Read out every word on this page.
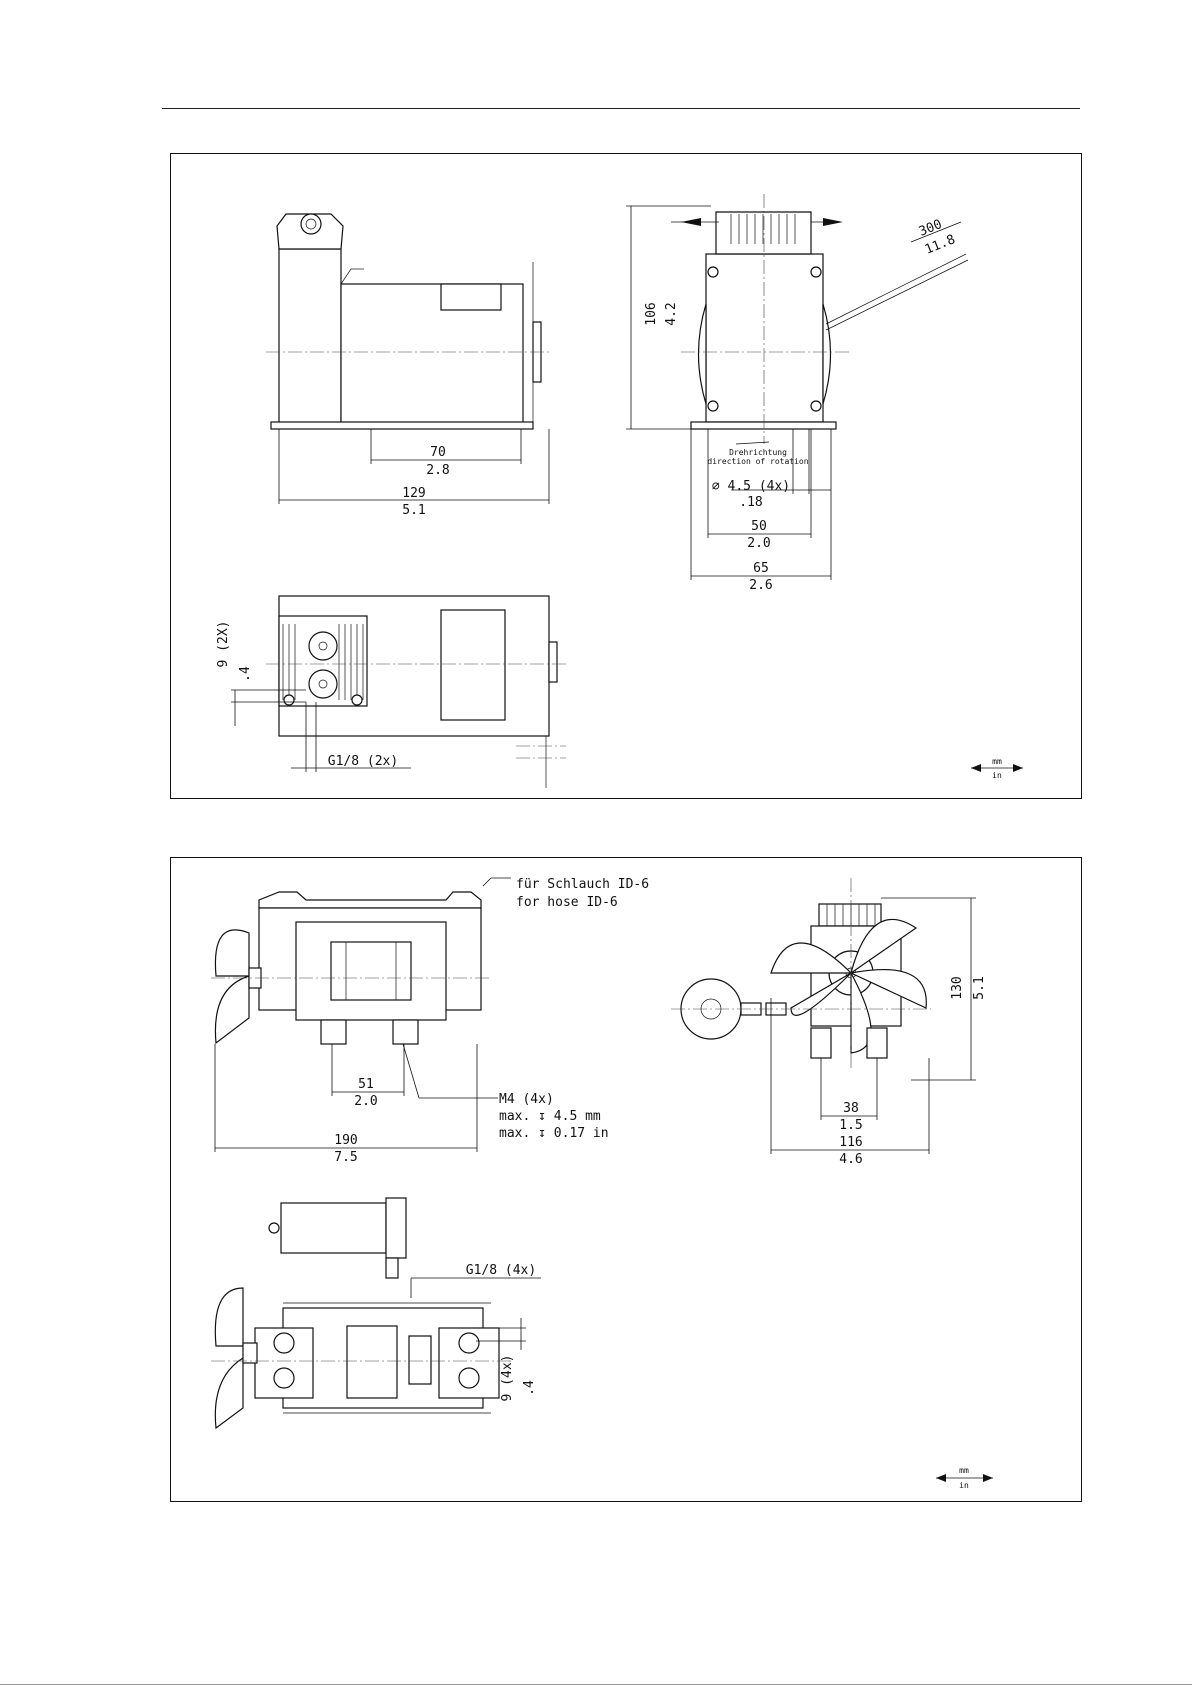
70
2.8
129
5.1
106 4.2
300
11.8
Drehrichtung
direction of rotation
∅ 4.5 (4x)
.18
50
2.0
65
2.6
9 (2X)
.4
G1/8 (2x)	mm
in
für Schlauch ID-6
for hose ID-6
51
2.0	M4 (4x)
max. ↧ 4.5 mm
max. ↧ 0.17 in
190
7.5
130 5.1
38
1.5
116
4.6
G1/8 (4x)
9 (4x) .4
mm
in
